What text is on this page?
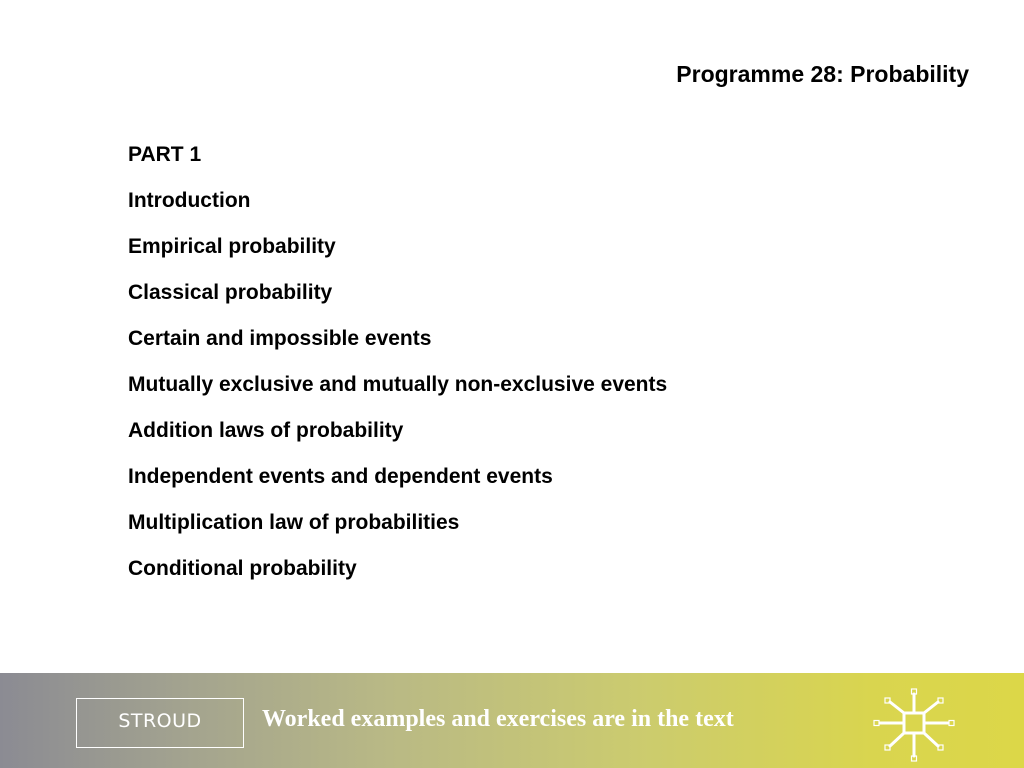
Programme 28: Probability
PART 1
Introduction
Empirical probability
Classical probability
Certain and impossible events
Mutually exclusive and mutually non-exclusive events
Addition laws of probability
Independent events and dependent events
Multiplication law of probabilities
Conditional probability
STROUD	Worked examples and exercises are in the text
